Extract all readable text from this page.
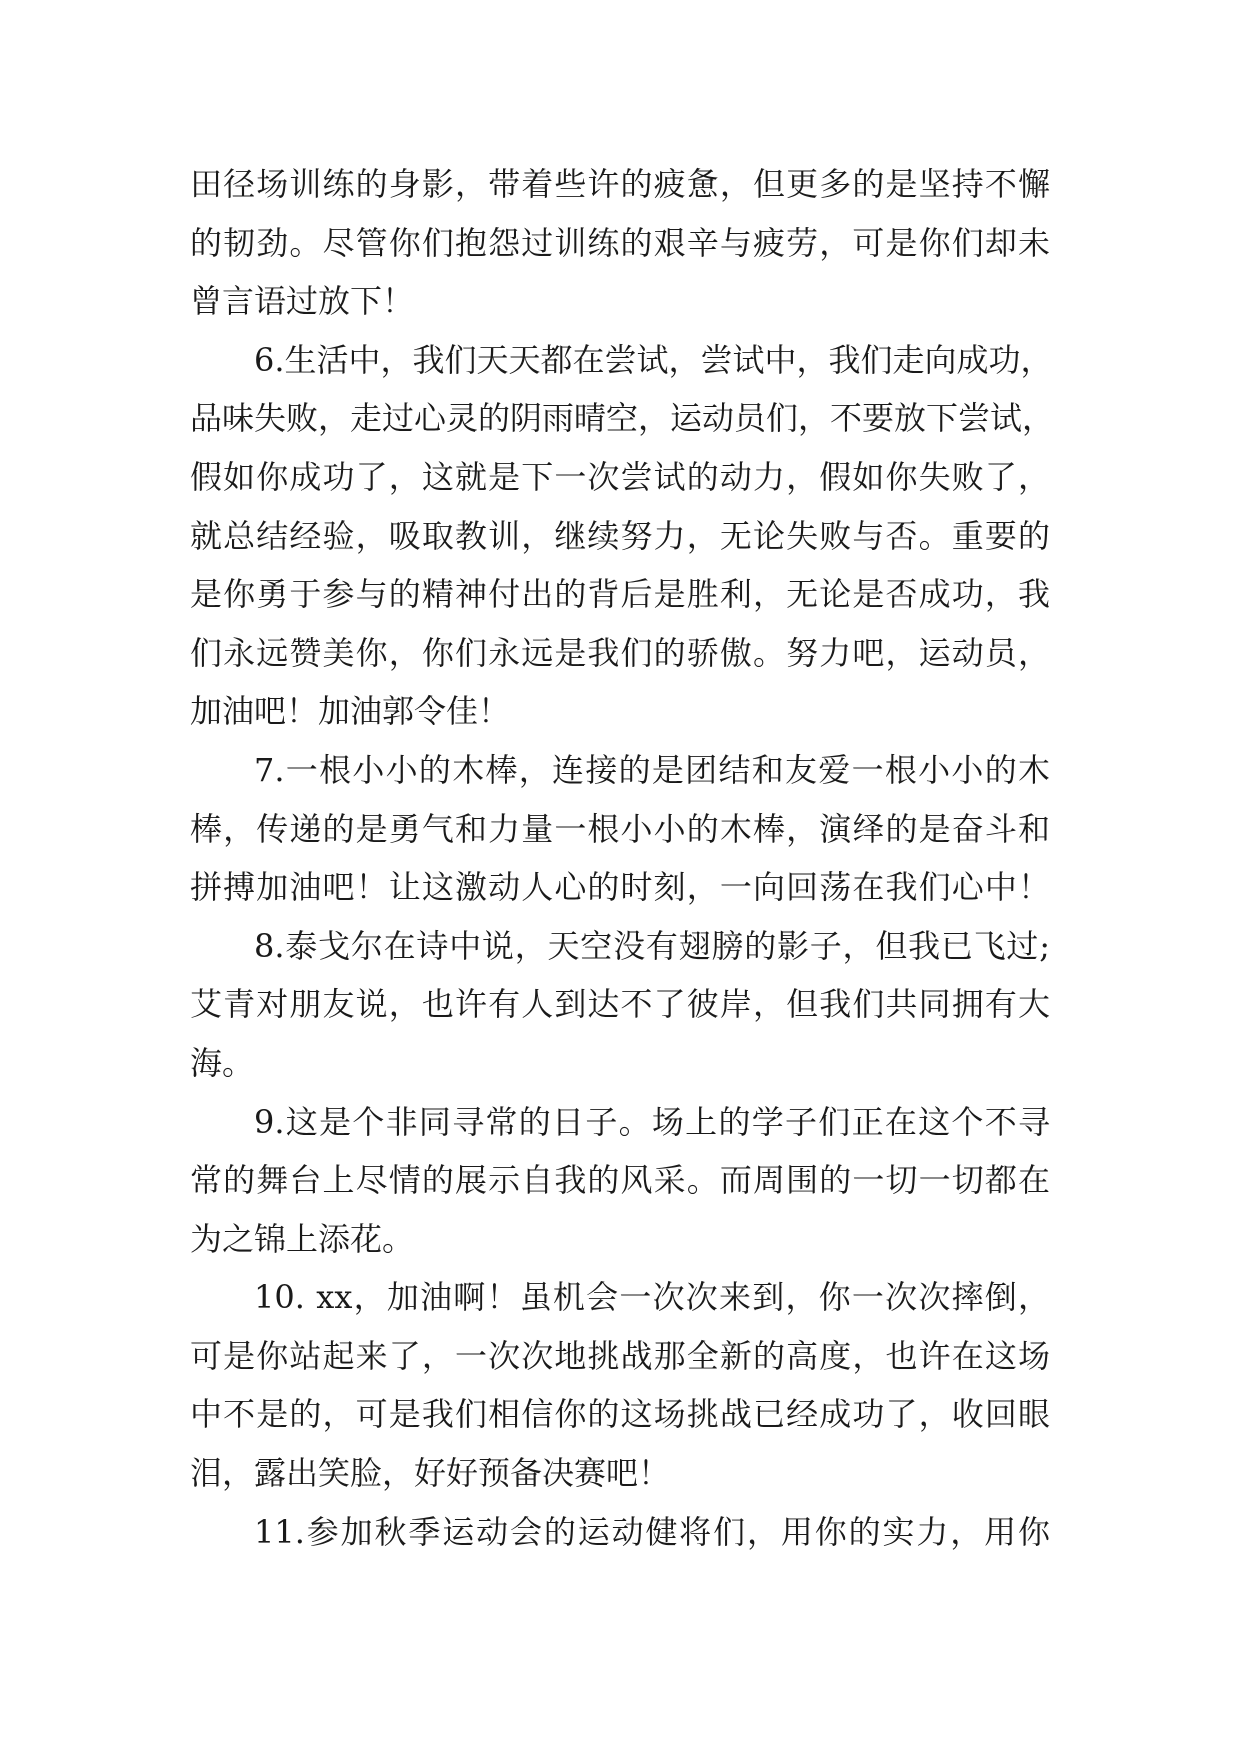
田径场训练的身影，带着些许的疲惫，但更多的是坚持不懈
的韧劲。尽管你们抱怨过训练的艰辛与疲劳，可是你们却未
曾言语过放下！
6.生活中，我们天天都在尝试，尝试中，我们走向成功，
品味失败，走过心灵的阴雨晴空，运动员们，不要放下尝试，
假如你成功了，这就是下一次尝试的动力，假如你失败了，
就总结经验，吸取教训，继续努力，无论失败与否。重要的
是你勇于参与的精神付出的背后是胜利，无论是否成功，我
们永远赞美你，你们永远是我们的骄傲。努力吧，运动员，
加油吧！加油郭令佳！
7.一根小小的木棒，连接的是团结和友爱一根小小的木
棒，传递的是勇气和力量一根小小的木棒，演绎的是奋斗和
拼搏加油吧！让这激动人心的时刻，一向回荡在我们心中！
8.泰戈尔在诗中说，天空没有翅膀的影子，但我已飞过;
艾青对朋友说，也许有人到达不了彼岸，但我们共同拥有大
海。
9.这是个非同寻常的日子。场上的学子们正在这个不寻
常的舞台上尽情的展示自我的风采。而周围的一切一切都在
为之锦上添花。
10. xx，加油啊！虽机会一次次来到，你一次次摔倒，
可是你站起来了，一次次地挑战那全新的高度，也许在这场
中不是的，可是我们相信你的这场挑战已经成功了，收回眼
泪，露出笑脸，好好预备决赛吧！
11.参加秋季运动会的运动健将们，用你的实力，用你
